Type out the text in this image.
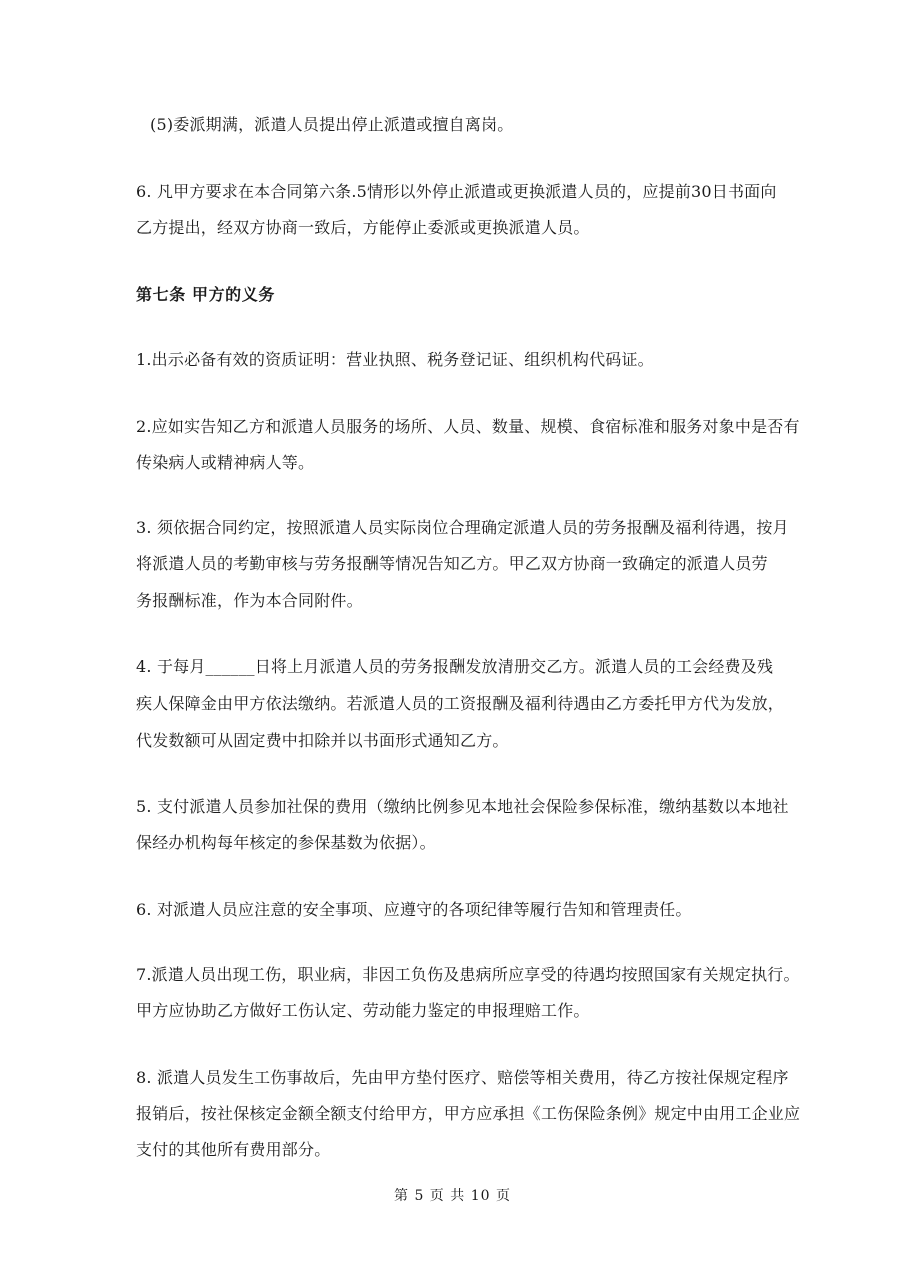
(5)委派期满，派遣人员提出停止派遣或擅自离岗。
6. 凡甲方要求在本合同第六条.5情形以外停止派遣或更换派遣人员的，应提前30日书面向
乙方提出，经双方协商一致后，方能停止委派或更换派遣人员。
第七条 甲方的义务
1.出示必备有效的资质证明：营业执照、税务登记证、组织机构代码证。
2.应如实告知乙方和派遣人员服务的场所、人员、数量、规模、食宿标准和服务对象中是否有
传染病人或精神病人等。
3. 须依据合同约定，按照派遣人员实际岗位合理确定派遣人员的劳务报酬及福利待遇，按月
将派遣人员的考勤审核与劳务报酬等情况告知乙方。甲乙双方协商一致确定的派遣人员劳
务报酬标准，作为本合同附件。
4. 于每月______日将上月派遣人员的劳务报酬发放清册交乙方。派遣人员的工会经费及残
疾人保障金由甲方依法缴纳。若派遣人员的工资报酬及福利待遇由乙方委托甲方代为发放，
代发数额可从固定费中扣除并以书面形式通知乙方。
5. 支付派遣人员参加社保的费用（缴纳比例参见本地社会保险参保标准，缴纳基数以本地社
保经办机构每年核定的参保基数为依据）。
6. 对派遣人员应注意的安全事项、应遵守的各项纪律等履行告知和管理责任。
7.派遣人员出现工伤，职业病，非因工负伤及患病所应享受的待遇均按照国家有关规定执行。
甲方应协助乙方做好工伤认定、劳动能力鉴定的申报理赔工作。
8. 派遣人员发生工伤事故后，先由甲方垫付医疗、赔偿等相关费用，待乙方按社保规定程序
报销后，按社保核定金额全额支付给甲方，甲方应承担《工伤保险条例》规定中由用工企业应
支付的其他所有费用部分。
第 5 页 共 10 页
